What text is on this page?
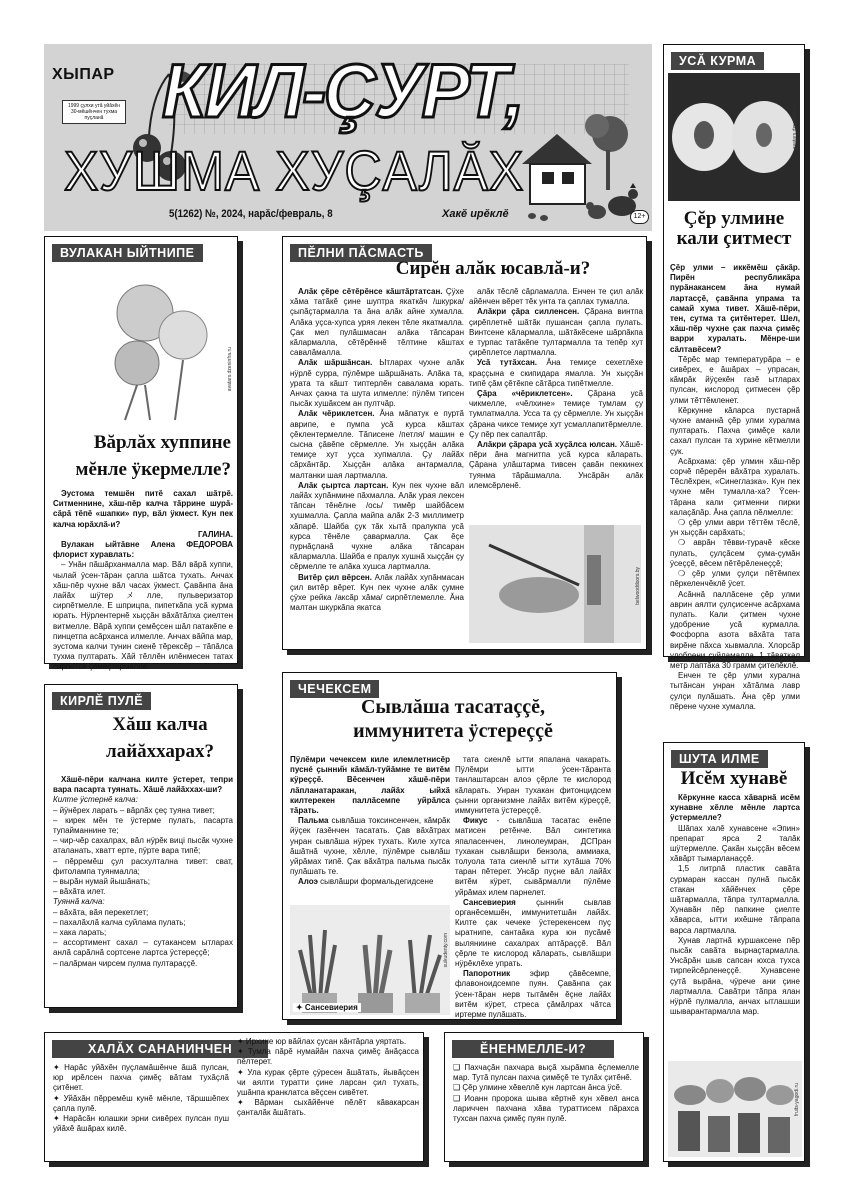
ХЫПАР
1999 çулхи утă уйăхĕн 30-мĕшĕнчен тухма пуçланă КИЛ-ÇУРТ,
ХУШМА ХУÇАЛĂХ
5(1262) №, 2024, нарăс/февраль, 8	Хакĕ ирĕклĕ	12+
УСĂ КУРМА
avatars.dzeninfra.ru
Çĕр улмине кали çитмест

Çĕр улми – иккĕмĕш çăкăр. Пирĕн республикăра пурăнакансем ăна нумай лартасçĕ, çавăнпа упрама та самай хума тивет. Хăшĕ-пĕри, тен, сутма та çитĕнтерет. Шел, хăш-пĕр чухне çак пахча çимĕç варри хуралать. Мĕнре-ши сăлтавĕсем?

Тĕрĕс мар температурăра – е сивĕрех, е ăшăрах – упрасан, кăмрăк йÿçекĕн газĕ ытларах пулсан, кислород çитмесен çĕр улми тĕттĕмленет.

Кĕркунне кăларса пустарнă чухне аманнă çĕр улми хуралма пултарать. Пахча çимĕçе кали сахал пулсан та хурине кĕтмелли çук.

Асăрхама: çĕр улмин хăш-пĕр сорчĕ пĕрерĕн вăхăтра хуралать. Тĕслĕхрен, «Синеглазка». Кун пек чухне мĕн тумалла-ха? Ÿсен-тăрана кали çитменни пирки калаçăпăр. Ăна çапла пĕлмелле:

❍ çĕр улми аври тĕттĕм тĕслĕ, ун хыççăн сарăхать;

❍ аврăн тĕвви-турачĕ кĕске пулать, çулçăсем çума-çумăн ÿсеççĕ, вĕсем пĕтĕрĕленеççĕ;

❍ çĕр улми çулçи пĕтĕмпех пĕркеленчĕклĕ ÿсет.

Асăннă паллăсене çĕр улми аврин аялти çулçисенче асăрхама пулать. Кали çитмен чухне удобрение усă курмалла. Фосфорпа азота вăхăта тата вирĕне пăхса хывмалла. Хлорсăр удобрени суйламалла. 1 тăваткал метр лаптăка 30 грамм çителĕклĕ.

Енчен те çĕр улми хурална тытăнсан унран хăтăлма лавр çулçи пулăшать. Ăна çĕр улми пĕрене чухне хумалла.

ВУЛАКАН ЫЙТНИПЕ
avatars.dzeninfra.ru
Вăрлăх хуппине мĕнле ÿкермелле?

Эустома темшĕн питĕ сахал шăтрĕ. Ситменнине, хăш-пĕр калча тăррине шурă-сăрă тĕпĕ «шапки» пур, вăл ÿкмест. Кун пек калча юрăхлă-и?

ГАЛИНА.

Вулакан ыйтăвне Алена ФЕДОРОВА флорист хуравлать:

– Унăн пăшăрханмалла мар. Вăл вăрă хуппи, чылай ÿсен-тăран çапла шăтса тухать. Анчах хăш-пĕр чухне вăл часах ÿкмест. Çавăнпа ăна лайăх шÿтерメлле, пульверизатор сирпĕтмелле. Е шприцпа, пипеткăпа усă курма юрать. Нÿрлентернĕ хыççăн вăхăтăлха çиелтен витмелле. Вăрă хуппи çемĕçсен шăл патакĕпе е пинцетпа асăрханса илмелле. Анчах вăйпа мар, эустома калчи тунин сиенĕ тĕрексĕр – тăпăлса тухма пултарать. Хăй тĕллĕн илĕнмесен татах сирпĕтсе çемĕçтермелле.

ПĔЛНИ ПĂСМАСТЬ
Сирĕн алăк юсавлă-и?

Алăк çĕре сĕтĕрĕнсе кăштăртатсан. Çÿхе хăма татăкĕ çине шуптра якаткăч /шкурка/ çыпăçтармалла та ăна алăк айне хумалла. Алăка уçса-хупса уряя лекен тĕле якатмалла. Çак мел пулăшмасан алăка тăпсаран кăлармалла, сĕтĕрĕннĕ тĕлтине кăштах савалăмалла.

Алăк шăршăнсан. Ытларах чухне алăк нÿрлĕ сурра, пÿлĕмре шăршăнать. Алăка та, урата та кăшт типтерлĕн савалама юрать. Анчах çакна та шута илмелле: пÿлĕм типсен пысăк хушăксем ан пултчăр.

Алăк чĕриклетсен. Ăна мăпатук е пуртă аврипе, е пумпа усă курса кăштах çĕклентермелле. Тăписене /петля/ машин е сысна çăвĕпе сĕрмелле. Ун хыççăн алăка темиçе хут уçса хупмалла. Çу лайăх сăрхăнтăр. Хыççăн алăка антармалла, малтанки шая лартмалла.

Алăк çыртса лартсан. Кун пек чухне вăл лайăх хупăнмине пăхмалла. Алăк урая лексен тăпсан тĕнĕлне /ось/ тимĕр шайбăсем хушмалла. Çапла майпа алăк 2-3 миллиметр хăпарĕ. Шайба çук тăк хытă пралукпа усă курса тĕнĕле çавармалла. Çак ĕçе пурнăçланă чухне алăка тăпсаран кăлармалла. Шайба е пралук хушнă хыççăн çу сĕрмелле те алăка хушса лартмалла.

Витĕр çил вĕрсен. Алăк лайăх хупăнмасан çил витĕр вĕрет. Кун пек чухне алăк çумне çÿхе рейка /аксăр хăма/ сирпĕтлемелле. Ăна малтан шкуркăпа якатса

алăк тĕслĕ сăрламалла. Енчен те çил алăк айĕнчен вĕрет тĕк унта та çаплах тумалла.

Алăкри çăра силленсен. Çăрана винтпа çирĕплетнĕ шăтăк пушансан çапла пулать. Винтсене кăлармалла, шăтăкĕсене шăрпăкпа е турпас татăкĕпе тултармалла та тепĕр хут çирĕплетсе лартмалла.

Усă тутăхсан. Ăна темиçе сехетлĕхе краççына е скипидара ямалла. Ун хыççăн типĕ çăм çĕтĕкпе сăтăрса типĕтмелле.

Çăра «чĕриклетсен». Çăрана усă чикмелле, «чĕлхине» темиçе тумлам çу тумлатмалла. Усса та çу сĕрмелле. Ун хыççăн çăрана чиксе темиçе хут усмаллапитĕрмелле. Çу пĕр пек сапалтăр.

Алăкри çăрара усă хуçăлса юлсан. Хăшĕ-пĕри ăна магнитпа усă курса кăларать. Çăрана улăштарма тивсен çавăн пеккинех туянма тăрăшмалла. Унсăрăн алăк илемсĕрленĕ.

belwooddoors.by
ЧЕЧЕКСЕМ
Сывлăша тасатаççĕ,
иммунитета ÿстереççĕ

Пÿлĕмри чечексем киле илемлетнисĕр пуснé çынни̋н кăмăл-туйăмне те витĕм кÿреççĕ. Вĕсенчен хăшĕ-пĕри лăпланатаракан, лайăх ыйхă килтерекен паллăсемпе уйрăлса тăрать.

Пальма сывлăша токсинсенчен, кăмрăк йÿçек газĕнчен тасатать. Çав вăхăтрах унран сывлăша нÿрек тухать. Киле хутса ăшăтнă чухне, хĕлле, пÿлĕмре сывлăш уйрăмах типĕ. Çак вăхăтра пальма пысăк пулăшать те.

Алоэ сывлăшри формальдегидсене

✦ Сансевиерия
suikudenty.com

тата сиенлĕ ытти япалана чакарать. Пÿлĕмри ытти ÿсен-тăранта танлаштарсан алоэ çĕрле те кислород кăларать. Унран тухакан фитонцидсем çынни организмне лайăх витĕм кÿреççĕ, иммунитета ÿстереççĕ.

Фикус - сывлăша тасатас енĕпе матисен ретĕнче. Вăл синтетика япаласенчен, линолеумран, ДСПран тухакан сывлăшри бензола, аммиака, толуола тата сиенлĕ ытти хутăша 70% таран пĕтерет. Унсăр пуçне вăл лайăх витĕм кÿрет, сывăрмалли пÿлĕме уйрăмах илем парнелет.

Сансевиерия çынни̋н сывлав органĕсемшĕн, иммунитетшăн лайăх. Килте çак чечеке ÿстерекенсем пуç ыратнипе, сантаăка кура юн пусăмĕ выляниине сахалрах аптăраççĕ. Вăл çĕрле те кислород кăларать, сывлăшри нÿрĕклĕхе упрать.

Папоротник эфир çăвĕсемпе, флавоноидсемпе пуян. Çавăнпа çак ÿсен-тăран нерв тытăмĕн ĕçне лайăх витĕм кÿрет, стреса çăмăлрах чăтса иртерме пулăшать.

КИРЛĔ ПУЛĔ
Хăш калча лайăххарах?

Хăшĕ-пĕри калчана килте ÿстерет, тепри вара пасарта туянать. Хăшĕ лайăххах-ши?

Килте ÿстернĕ калча:

– йÿнĕрех ларать – вăрлăх çеç туяна тивет;

– кирек мĕн те ÿстерме пулать, пасарта тупайманнине те;

– чир-чĕр сахалрах, вăл нÿрĕк вицi пысăк чухне аталанать, хватт ерте, пÿрте вара типĕ;

– пĕрремĕш çул расхултална тивет: сват, фитолампа туянмалла;

– вырăн нумай йышăнать;

– вăхăта илет.

Туяннă калча:

– вăхăта, вăя перекетлет;

– пахалăхлă калча суйлама пулать;

– хака ларать;

– ассортимент сахал – сутакансем ытларах анлă сарăлнă сортсене лартса ÿстереççĕ;

– палăрман чирсем пулма пултараççĕ.

ШУТА ИЛМЕ
Исĕм хунавĕ

Кĕркунне касса хăварнă исĕм хунавне хĕлле мĕнле лартса ÿстермелле?

Шăпах халĕ хунавсене «Эпин» препарат ярса 2 талăк шÿтермелле. Çакăн хыççăн вĕсем хăвăрт тымарланаççĕ.

1,5 литрлă пластик савăта сурмаран кассан пулнă пысăк стакан хăйĕнчех çĕре шăтармалла, тăпра тултармалла. Хунавăн пĕр папкине çиелте хăварса, ытти ихĕшне тăпрапа варса лартмалла.

Хунав лартнă куршаксене пĕр пысăк савăта вырнаçтармалла. Унсăрăн шыв сапсан юхса тухса тирпейсĕрленеççĕ. Хунавсене çутă вырăна, чÿрече ани çине лартмалла. Савăтри тăпра ялан нÿрлĕ пулмалла, анчах ытлашши шыварантармалла мар.

fruits-yagodi.ru
ХАЛĂХ САНАНИНЧЕН

✦ Нарăс уйăхĕн пуçламăшĕнче ăшă пулсан, юр ирĕлсен пахча çимĕç вăтам тухăçлă çитĕнет.

✦ Уйăхăн пĕрремĕш кунĕ мĕнле, тăршшĕпех çапла пулĕ.

✦ Нарăсăн юлашки эрни сивĕрех пулсан пуш уйăхĕ ăшăрах килĕ.

✦ Ирхине юр вăйлах çусан кăнтăрла уяртать.

✦ Тумла пăрĕ нумайăн пахча çимĕç ăнăçасса пĕлтерет.

✦ Ула курак çĕрте çÿресен ăшăтать, йывăçсен чи аялти туратти çине ларсан çил тухать, ушăнпа кранклатса вĕçсен сивĕтет.

✦ Вăрман сыхăйĕнче пĕлĕт кăвакарсан çанталăк ăшăтать.

ĔНЕНМЕЛЛЕ-И?

❑ Пахчаçăн пахчара выçă хырăмпа ĕçлемелле мар. Тутă пулсан пахча çимĕçĕ те тулăх çитĕнĕ.

❑ Çĕр улмине хĕвеллĕ кун лартсан ăнса ÿсĕ.

❑ Иоанн пророка шыва кĕртнĕ кун хĕвел анса лариччен пахчана хăва тураттисем пăрахса тухсан пахча çимĕç пуян пулĕ.
